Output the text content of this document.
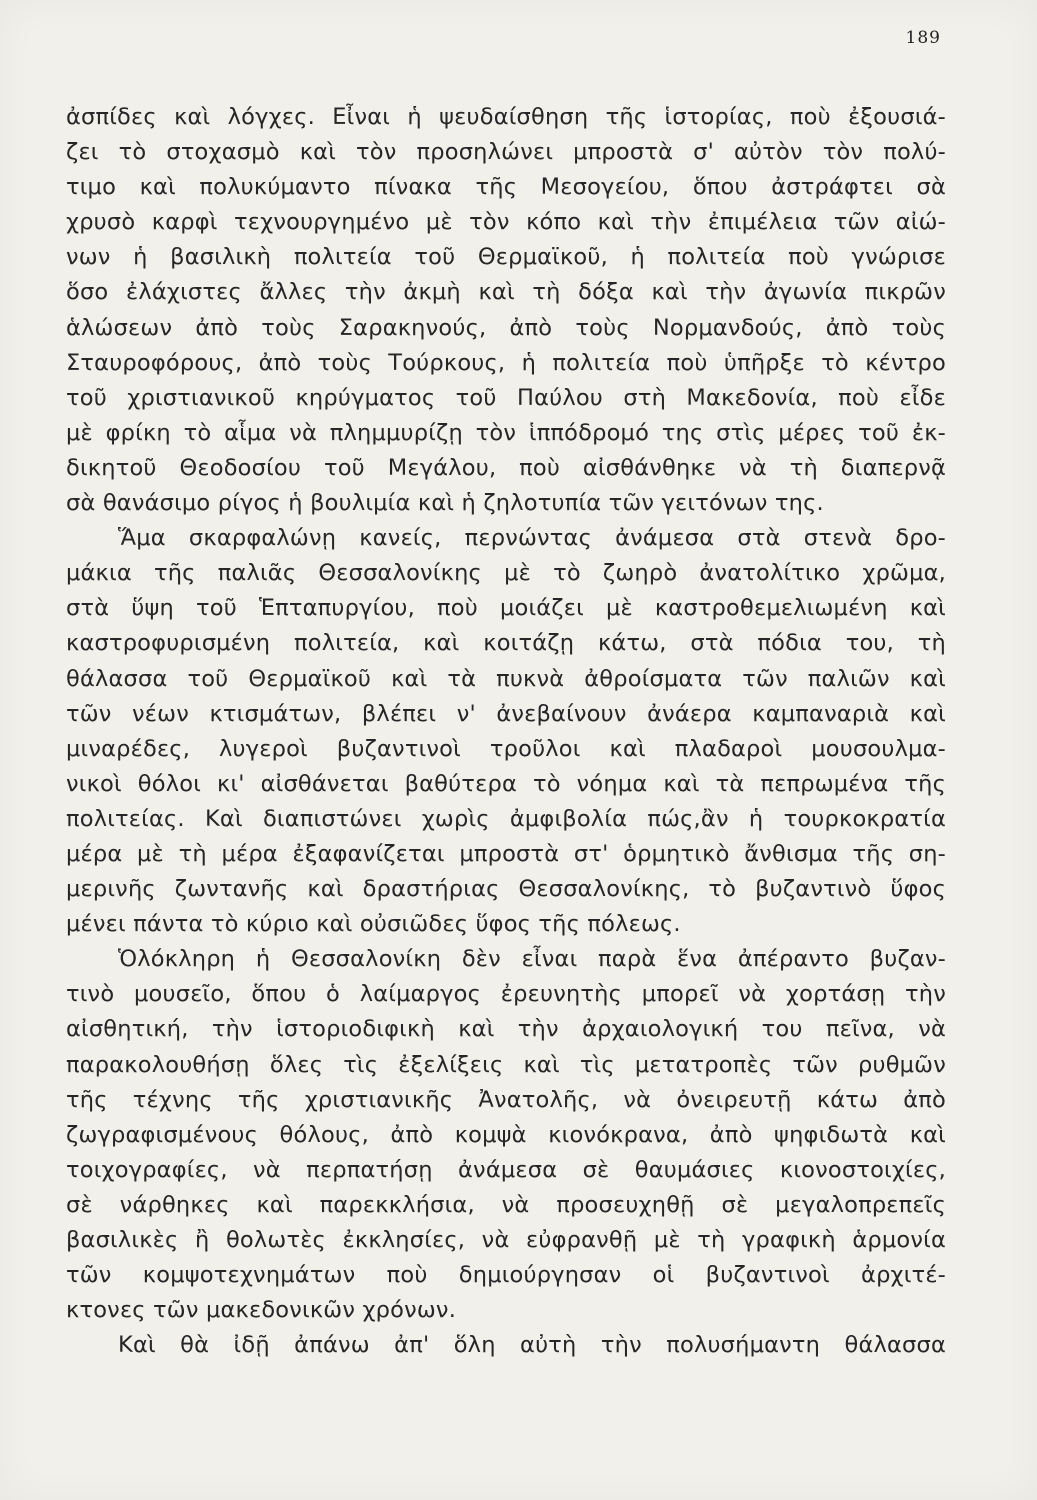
189
ἀσπίδες καὶ λόγχες. Εἶναι ἡ ψευδαίσθηση τῆς ἱστορίας, ποὺ ἐξουσιά-
ζει τὸ στοχασμὸ καὶ τὸν προσηλώνει μπροστὰ σ' αὐτὸν τὸν πολύ-
τιμο καὶ πολυκύμαντο πίνακα τῆς Μεσογείου, ὅπου ἀστράφτει σὰ
χρυσὸ καρφὶ τεχνουργημένο μὲ τὸν κόπο καὶ τὴν ἐπιμέλεια τῶν αἰώ-
νων ἡ βασιλικὴ πολιτεία τοῦ Θερμαϊκοῦ, ἡ πολιτεία ποὺ γνώρισε
ὅσο ἐλάχιστες ἄλλες τὴν ἀκμὴ καὶ τὴ δόξα καὶ τὴν ἀγωνία πικρῶν
ἁλώσεων ἀπὸ τοὺς Σαρακηνούς, ἀπὸ τοὺς Νορμανδούς, ἀπὸ τοὺς
Σταυροφόρους, ἀπὸ τοὺς Τούρκους, ἡ πολιτεία ποὺ ὑπῆρξε τὸ κέντρο
τοῦ χριστιανικοῦ κηρύγματος τοῦ Παύλου στὴ Μακεδονία, ποὺ εἶδε
μὲ φρίκη τὸ αἷμα νὰ πλημμυρίζῃ τὸν ἱππόδρομό της στὶς μέρες τοῦ ἐκ-
δικητοῦ Θεοδοσίου τοῦ Μεγάλου, ποὺ αἰσθάνθηκε νὰ τὴ διαπερνᾷ
σὰ θανάσιμο ρίγος ἡ βουλιμία καὶ ἡ ζηλοτυπία τῶν γειτόνων της.
Ἅμα σκαρφαλώνῃ κανείς, περνώντας ἀνάμεσα στὰ στενὰ δρο-
μάκια τῆς παλιᾶς Θεσσαλονίκης μὲ τὸ ζωηρὸ ἀνατολίτικο χρῶμα,
στὰ ὕψη τοῦ Ἑπταπυργίου, ποὺ μοιάζει μὲ καστροθεμελιωμένη καὶ
καστροφυρισμένη πολιτεία, καὶ κοιτάζῃ κάτω, στὰ πόδια του, τὴ
θάλασσα τοῦ Θερμαϊκοῦ καὶ τὰ πυκνὰ ἀθροίσματα τῶν παλιῶν καὶ
τῶν νέων κτισμάτων, βλέπει ν' ἀνεβαίνουν ἀνάερα καμπαναριὰ καὶ
μιναρέδες, λυγεροὶ βυζαντινοὶ τροῦλοι καὶ πλαδαροὶ μουσουλμα-
νικοὶ θόλοι κι' αἰσθάνεται βαθύτερα τὸ νόημα καὶ τὰ πεπρωμένα τῆς
πολιτείας. Καὶ διαπιστώνει χωρὶς ἀμφιβολία πώς,ἂν ἡ τουρκοκρατία
μέρα μὲ τὴ μέρα ἐξαφανίζεται μπροστὰ στ' ὁρμητικὸ ἄνθισμα τῆς ση-
μερινῆς ζωντανῆς καὶ δραστήριας Θεσσαλονίκης, τὸ βυζαντινὸ ὕφος
μένει πάντα τὸ κύριο καὶ οὐσιῶδες ὕφος τῆς πόλεως.
Ὁλόκληρη ἡ Θεσσαλονίκη δὲν εἶναι παρὰ ἕνα ἀπέραντο βυζαν-
τινὸ μουσεῖο, ὅπου ὁ λαίμαργος ἐρευνητὴς μπορεῖ νὰ χορτάσῃ τὴν
αἰσθητική, τὴν ἱστοριοδιφικὴ καὶ τὴν ἀρχαιολογική του πεῖνα, νὰ
παρακολουθήσῃ ὅλες τὶς ἐξελίξεις καὶ τὶς μετατροπὲς τῶν ρυθμῶν
τῆς τέχνης τῆς χριστιανικῆς Ἀνατολῆς, νὰ ὀνειρευτῇ κάτω ἀπὸ
ζωγραφισμένους θόλους, ἀπὸ κομψὰ κιονόκρανα, ἀπὸ ψηφιδωτὰ καὶ
τοιχογραφίες, νὰ περπατήσῃ ἀνάμεσα σὲ θαυμάσιες κιονοστοιχίες,
σὲ νάρθηκες καὶ παρεκκλήσια, νὰ προσευχηθῇ σὲ μεγαλοπρεπεῖς
βασιλικὲς ἢ θολωτὲς ἐκκλησίες, νὰ εὐφρανθῇ μὲ τὴ γραφικὴ ἁρμονία
τῶν κομψοτεχνημάτων ποὺ δημιούργησαν οἱ βυζαντινοὶ ἀρχιτέ-
κτονες τῶν μακεδονικῶν χρόνων.
Καὶ θὰ ἰδῇ ἀπάνω ἀπ' ὅλη αὐτὴ τὴν πολυσήμαντη θάλασσα
